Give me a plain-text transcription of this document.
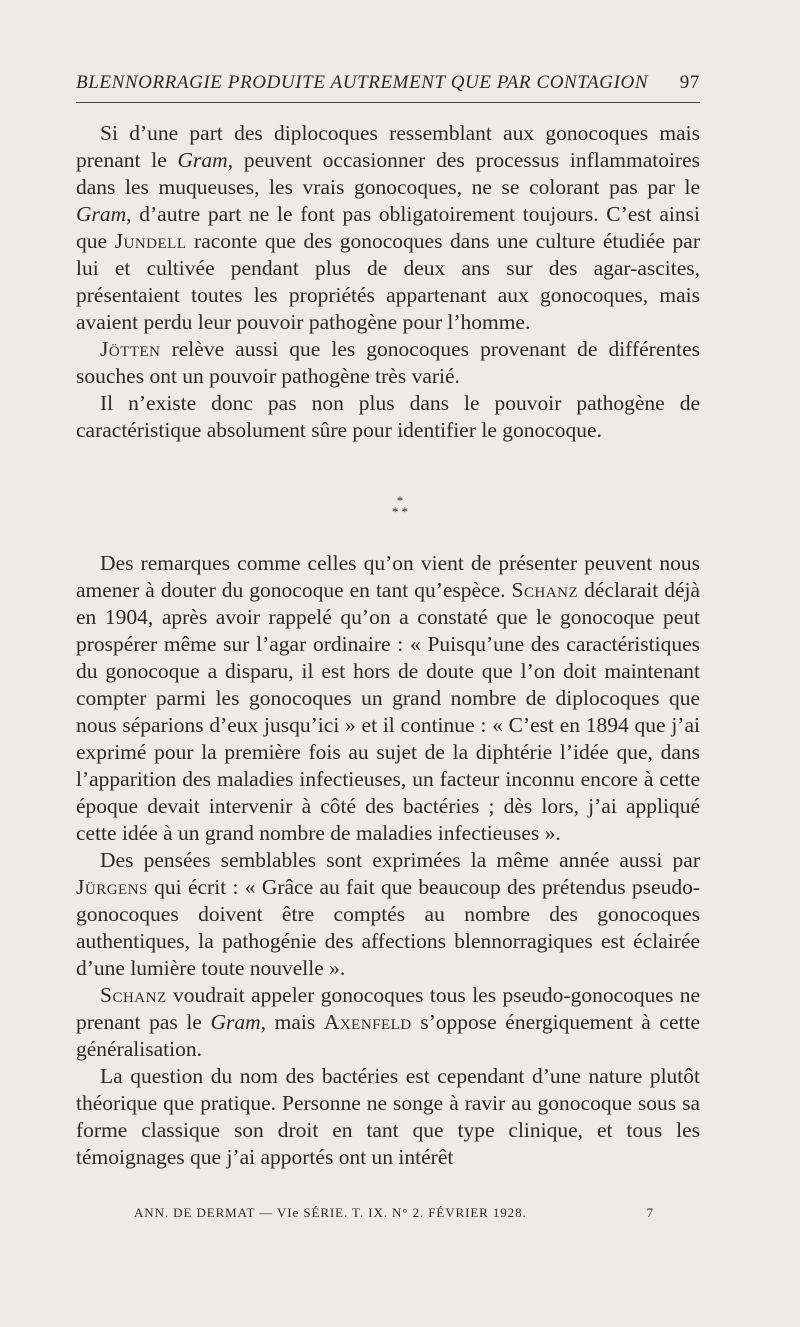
BLENNORRAGIE PRODUITE AUTREMENT QUE PAR CONTAGION 97

Si d’une part des diplocoques ressemblant aux gonocoques mais prenant le Gram, peuvent occasionner des processus inflammatoires dans les muqueuses, les vrais gonocoques, ne se colorant pas par le Gram, d’autre part ne le font pas obligatoirement toujours. C’est ainsi que Jundell raconte que des gonocoques dans une culture étudiée par lui et cultivée pendant plus de deux ans sur des agar-ascites, présentaient toutes les propriétés appartenant aux gonocoques, mais avaient perdu leur pouvoir pathogène pour l’homme.

Jötten relève aussi que les gonocoques provenant de différentes souches ont un pouvoir pathogène très varié.

Il n’existe donc pas non plus dans le pouvoir pathogène de caractéristique absolument sûre pour identifier le gonocoque.

*
* *

Des remarques comme celles qu’on vient de présenter peuvent nous amener à douter du gonocoque en tant qu’espèce. Schanz déclarait déjà en 1904, après avoir rappelé qu’on a constaté que le gonocoque peut prospérer même sur l’agar ordinaire : « Puisqu’une des caractéristiques du gonocoque a disparu, il est hors de doute que l’on doit maintenant compter parmi les gonocoques un grand nombre de diplocoques que nous séparions d’eux jusqu’ici » et il continue : « C’est en 1894 que j’ai exprimé pour la première fois au sujet de la diphtérie l’idée que, dans l’apparition des maladies infectieuses, un facteur inconnu encore à cette époque devait intervenir à côté des bactéries ; dès lors, j’ai appliqué cette idée à un grand nombre de maladies infectieuses ».

Des pensées semblables sont exprimées la même année aussi par Jürgens qui écrit : « Grâce au fait que beaucoup des prétendus pseudo-gonocoques doivent être comptés au nombre des gonocoques authentiques, la pathogénie des affections blennorragiques est éclairée d’une lumière toute nouvelle ».

Schanz voudrait appeler gonocoques tous les pseudo-gonocoques ne prenant pas le Gram, mais Axenfeld s’oppose énergiquement à cette généralisation.

La question du nom des bactéries est cependant d’une nature plutôt théorique que pratique. Personne ne songe à ravir au gonocoque sous sa forme classique son droit en tant que type clinique, et tous les témoignages que j’ai apportés ont un intérêt

ANN. DE DERMAT — VIe SÉRIE. T. IX. N° 2. FÉVRIER 1928.	7
